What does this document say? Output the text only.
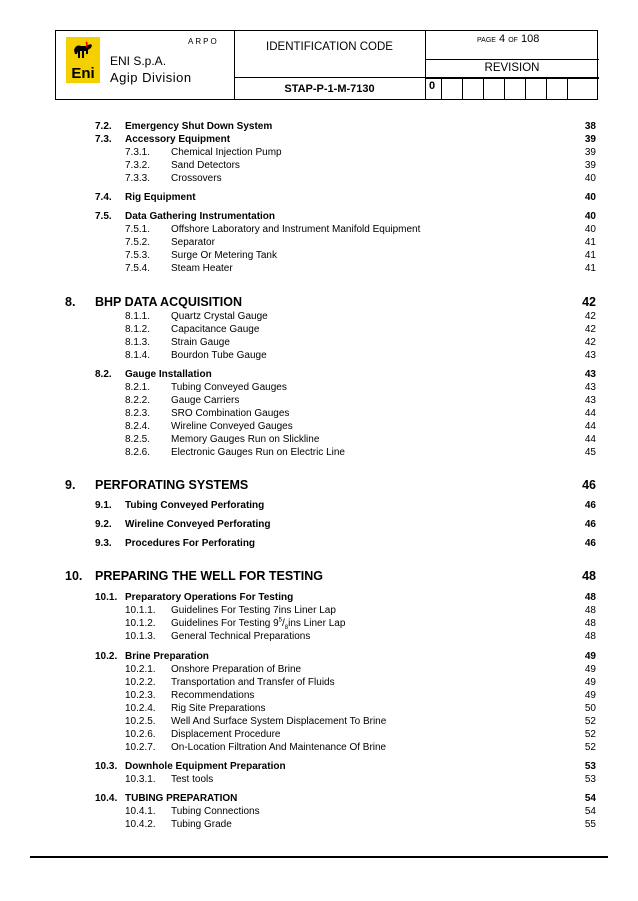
Eni
ARPO
ENI S.p.A.
Agip Division
IDENTIFICATION CODE
STAP-P-1-M-7130
PAGE 4 OF 108
REVISION
0
7.2. Emergency Shut Down System	38
7.3. Accessory Equipment	39
7.3.1. Chemical Injection Pump	39
7.3.2. Sand Detectors	39
7.3.3. Crossovers	40
7.4. Rig Equipment	40
7.5. Data Gathering Instrumentation	40
7.5.1. Offshore Laboratory and Instrument Manifold Equipment	40
7.5.2. Separator	41
7.5.3. Surge Or Metering Tank	41
7.5.4. Steam Heater	41
8. BHP DATA ACQUISITION	42
8.1.1. Quartz Crystal Gauge	42
8.1.2. Capacitance Gauge	42
8.1.3. Strain Gauge	42
8.1.4. Bourdon Tube Gauge	43
8.2. Gauge Installation	43
8.2.1. Tubing Conveyed Gauges	43
8.2.2. Gauge Carriers	43
8.2.3. SRO Combination Gauges	44
8.2.4. Wireline Conveyed Gauges	44
8.2.5. Memory Gauges Run on Slickline	44
8.2.6. Electronic Gauges Run on Electric Line	45
9. PERFORATING SYSTEMS	46
9.1. Tubing Conveyed Perforating	46
9.2. Wireline Conveyed Perforating	46
9.3. Procedures For Perforating	46
10. PREPARING THE WELL FOR TESTING	48
10.1. Preparatory Operations For Testing	48
10.1.1. Guidelines For Testing 7ins Liner Lap	48
10.1.2. Guidelines For Testing $9^5/_8ins$ Liner Lap	48
10.1.3. General Technical Preparations	48
10.2. Brine Preparation	49
10.2.1. Onshore Preparation of Brine	49
10.2.2. Transportation and Transfer of Fluids	49
10.2.3. Recommendations	49
10.2.4. Rig Site Preparations	50
10.2.5. Well And Surface System Displacement To Brine	52
10.2.6. Displacement Procedure	52
10.2.7. On-Location Filtration And Maintenance Of Brine	52
10.3. Downhole Equipment Preparation	53
10.3.1. Test tools	53
10.4. TUBING PREPARATION	54
10.4.1. Tubing Connections	54
10.4.2. Tubing Grade	55
